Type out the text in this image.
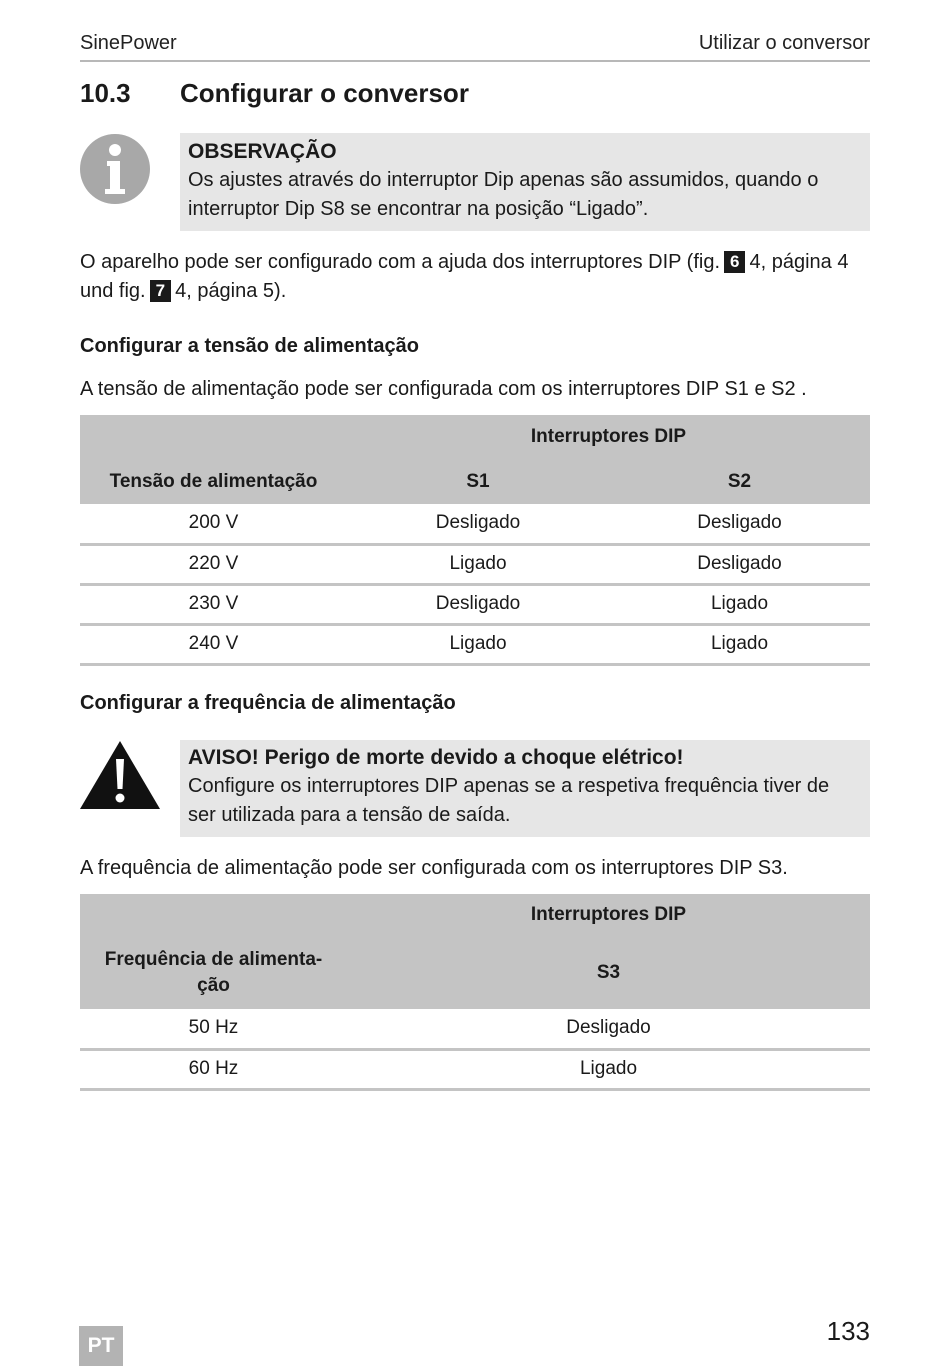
SinePower	Utilizar o conversor
10.3 Configurar o conversor
OBSERVAÇÃO
Os ajustes através do interruptor Dip apenas são assumidos, quando o interruptor Dip S8 se encontrar na posição “Ligado”.
O aparelho pode ser configurado com a ajuda dos interruptores DIP (fig. 6 4, página 4 und fig. 7 4, página 5).
Configurar a tensão de alimentação
A tensão de alimentação pode ser configurada com os interruptores DIP S1 e S2 .
	Interruptores DIP	
Tensão de alimentação	S1	S2
200 V	Desligado	Desligado
220 V	Ligado	Desligado
230 V	Desligado	Ligado
240 V	Ligado	Ligado
Configurar a frequência de alimentação
AVISO! Perigo de morte devido a choque elétrico!
Configure os interruptores DIP apenas se a respetiva frequência tiver de ser utilizada para a tensão de saída.
A frequência de alimentação pode ser configurada com os interruptores DIP S3.
	Interruptores DIP
Frequência de alimenta- ção	S3
50 Hz	Desligado
60 Hz	Ligado
PT	133
